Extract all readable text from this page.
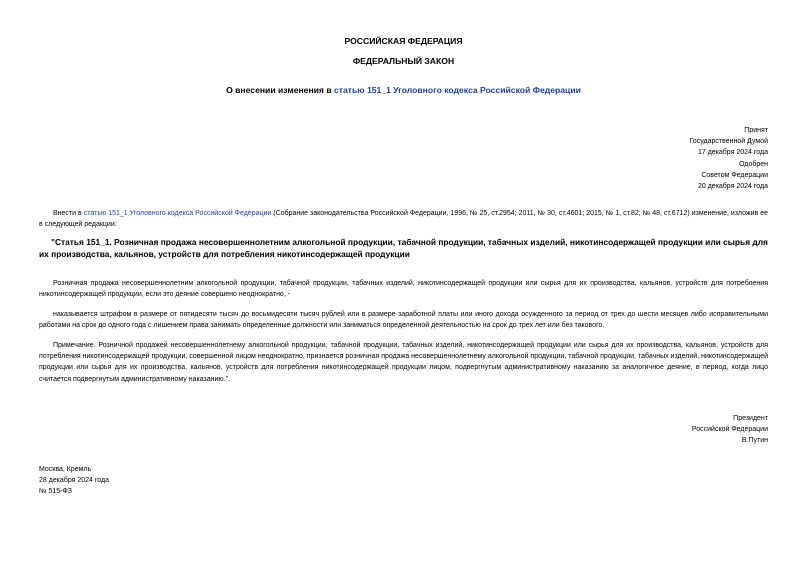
РОССИЙСКАЯ ФЕДЕРАЦИЯ
ФЕДЕРАЛЬНЫЙ ЗАКОН
О внесении изменения в статью 151_1 Уголовного кодекса Российской Федерации
Принят
Государственной Думой
17 декабря 2024 года
Одобрен
Советом Федерации
20 декабря 2024 года
Внести в статью 151_1 Уголовного кодекса Российской Федерации (Собрание законодательства Российской Федерации, 1996, № 25, ст.2954; 2011, № 30, ст.4601; 2015, № 1, ст.82; № 48, ст.6712) изменение, изложив ее в следующей редакции:
"Статья 151_1. Розничная продажа несовершеннолетним алкогольной продукции, табачной продукции, табачных изделий, никотинсодержащей продукции или сырья для их производства, кальянов, устройств для потребления никотинсодержащей продукции
Розничная продажа несовершеннолетним алкогольной продукции, табачной продукции, табачных изделий, никотинсодержащей продукции или сырья для их производства, кальянов, устройств для потребления никотинсодержащей продукции, если это деяние совершено неоднократно, -
наказывается штрафом в размере от пятидесяти тысяч до восьмидесяти тысяч рублей или в размере заработной платы или иного дохода осужденного за период от трех до шести месяцев либо исправительными работами на срок до одного года с лишением права занимать определенные должности или заниматься определенной деятельностью на срок до трех лет или без такового.
Примечание. Розничной продажей несовершеннолетнему алкогольной продукции, табачной продукции, табачных изделий, никотинсодержащей продукции или сырья для их производства, кальянов, устройств для потребления никотинсодержащей продукции, совершенной лицом неоднократно, признается розничная продажа несовершеннолетнему алкогольной продукции, табачной продукции, табачных изделий, никотинсодержащей продукции или сырья для их производства, кальянов, устройств для потребления никотинсодержащей продукции лицом, подвергнутым административному наказанию за аналогичное деяние, в период, когда лицо считается подвергнутым административному наказанию.".
Президент
Российской Федерации
В.Путин
Москва, Кремль
28 декабря 2024 года
№ 515-ФЗ
